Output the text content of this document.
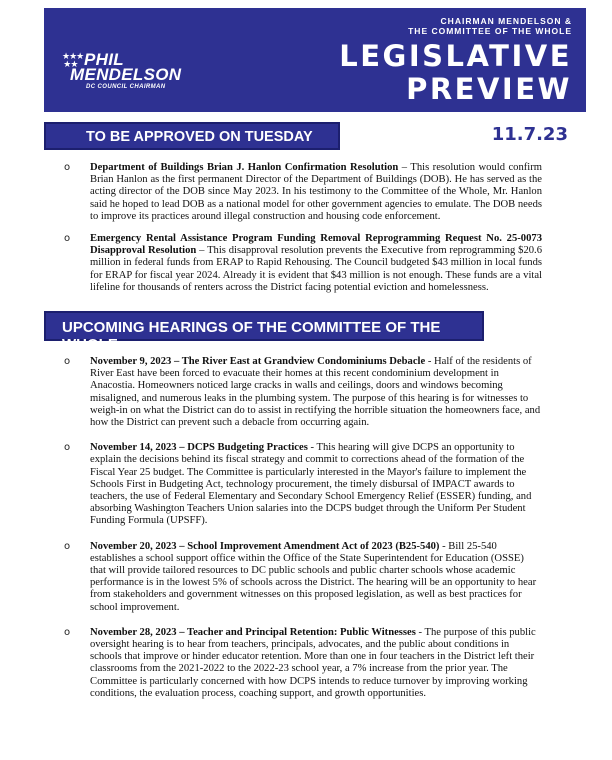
★★★
★★ PHIL
MENDELSON
DC COUNCIL CHAIRMAN
CHAIRMAN MENDELSON &
THE COMMITTEE OF THE WHOLE
LEGISLATIVE
PREVIEW
TO BE APPROVED ON TUESDAY	11.7.23
o Department of Buildings Brian J. Hanlon Confirmation Resolution – This resolution would confirm Brian Hanlon as the first permanent Director of the Department of Buildings (DOB). He has served as the acting director of the DOB since May 2023. In his testimony to the Committee of the Whole, Mr. Hanlon said he hoped to lead DOB as a national model for other government agencies to emulate. The DOB needs to improve its practices around illegal construction and housing code enforcement.

o Emergency Rental Assistance Program Funding Removal Reprogramming Request No. 25-0073 Disapproval Resolution – This disapproval resolution prevents the Executive from reprogramming $20.6 million in federal funds from ERAP to Rapid Rehousing. The Council budgeted $43 million in local funds for ERAP for fiscal year 2024. Already it is evident that $43 million is not enough. These funds are a vital lifeline for thousands of renters across the District facing potential eviction and homelessness.

UPCOMING HEARINGS OF THE COMMITTEE OF THE WHOLE
o November 9, 2023 – The River East at Grandview Condominiums Debacle - Half of the residents of River East have been forced to evacuate their homes at this recent condominium development in Anacostia. Homeowners noticed large cracks in walls and ceilings, doors and windows becoming misaligned, and numerous leaks in the plumbing system. The purpose of this hearing is for witnesses to weigh-in on what the District can do to assist in rectifying the horrible situation the homeowners face, and how the District can prevent such a debacle from occurring again.

o November 14, 2023 – DCPS Budgeting Practices - This hearing will give DCPS an opportunity to explain the decisions behind its fiscal strategy and commit to corrections ahead of the formation of the Fiscal Year 25 budget. The Committee is particularly interested in the Mayor's failure to implement the Schools First in Budgeting Act, technology procurement, the timely disbursal of IMPACT awards to teachers, the use of Federal Elementary and Secondary School Emergency Relief (ESSER) funding, and absorbing Washington Teachers Union salaries into the DCPS budget through the Uniform Per Student Funding Formula (UPSFF).

o November 20, 2023 – School Improvement Amendment Act of 2023 (B25-540) - Bill 25-540 establishes a school support office within the Office of the State Superintendent for Education (OSSE) that will provide tailored resources to DC public schools and public charter schools whose academic performance is in the lowest 5% of schools across the District. The hearing will be an opportunity to hear from stakeholders and government witnesses on this proposed legislation, as well as best practices for school improvement.

o November 28, 2023 – Teacher and Principal Retention: Public Witnesses - The purpose of this public oversight hearing is to hear from teachers, principals, advocates, and the public about conditions in schools that improve or hinder educator retention. More than one in four teachers in the District left their classrooms from the 2021-2022 to the 2022-23 school year, a 7% increase from the prior year. The Committee is particularly concerned with how DCPS intends to reduce turnover by improving working conditions, the evaluation process, coaching support, and growth opportunities.
